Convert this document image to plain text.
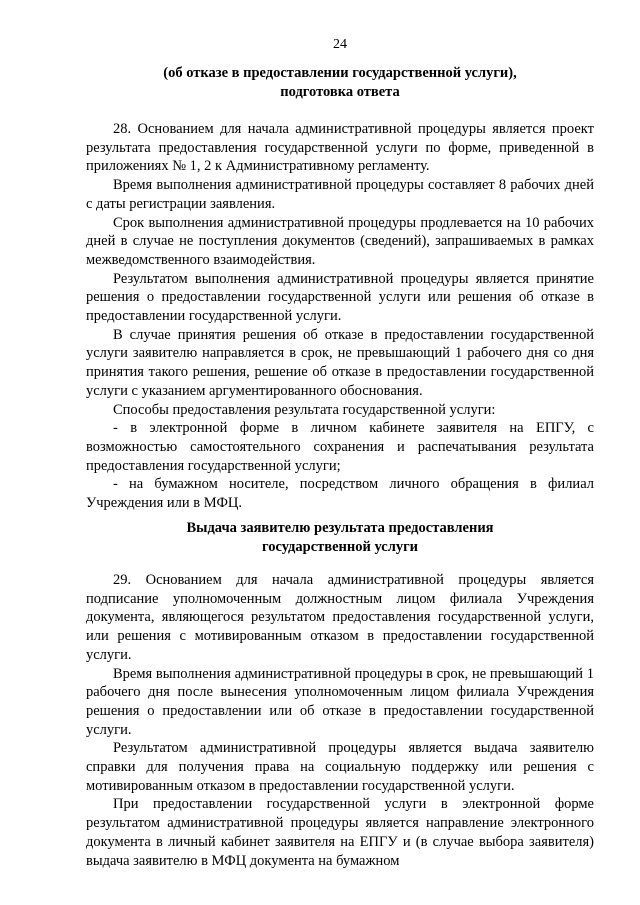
24
(об отказе в предоставлении государственной услуги),
подготовка ответа

28. Основанием для начала административной процедуры является проект результата предоставления государственной услуги по форме, приведенной в приложениях № 1, 2 к Административному регламенту.

Время выполнения административной процедуры составляет 8 рабочих дней с даты регистрации заявления.

Срок выполнения административной процедуры продлевается на 10 рабочих дней в случае не поступления документов (сведений), запрашиваемых в рамках межведомственного взаимодействия.

Результатом выполнения административной процедуры является принятие решения о предоставлении государственной услуги или решения об отказе в предоставлении государственной услуги.

В случае принятия решения об отказе в предоставлении государственной услуги заявителю направляется в срок, не превышающий 1 рабочего дня со дня принятия такого решения, решение об отказе в предоставлении государственной услуги с указанием аргументированного обоснования.

Способы предоставления результата государственной услуги:

- в электронной форме в личном кабинете заявителя на ЕПГУ, с возможностью самостоятельного сохранения и распечатывания результата предоставления государственной услуги;

- на бумажном носителе, посредством личного обращения в филиал Учреждения или в МФЦ.

Выдача заявителю результата предоставления
государственной услуги

29. Основанием для начала административной процедуры является подписание уполномоченным должностным лицом филиала Учреждения документа, являющегося результатом предоставления государственной услуги, или решения с мотивированным отказом в предоставлении государственной услуги.

Время выполнения административной процедуры в срок, не превышающий 1 рабочего дня после вынесения уполномоченным лицом филиала Учреждения решения о предоставлении или об отказе в предоставлении государственной услуги.

Результатом административной процедуры является выдача заявителю справки для получения права на социальную поддержку или решения с мотивированным отказом в предоставлении государственной услуги.

При предоставлении государственной услуги в электронной форме результатом административной процедуры является направление электронного документа в личный кабинет заявителя на ЕПГУ и (в случае выбора заявителя) выдача заявителю в МФЦ документа на бумажном
